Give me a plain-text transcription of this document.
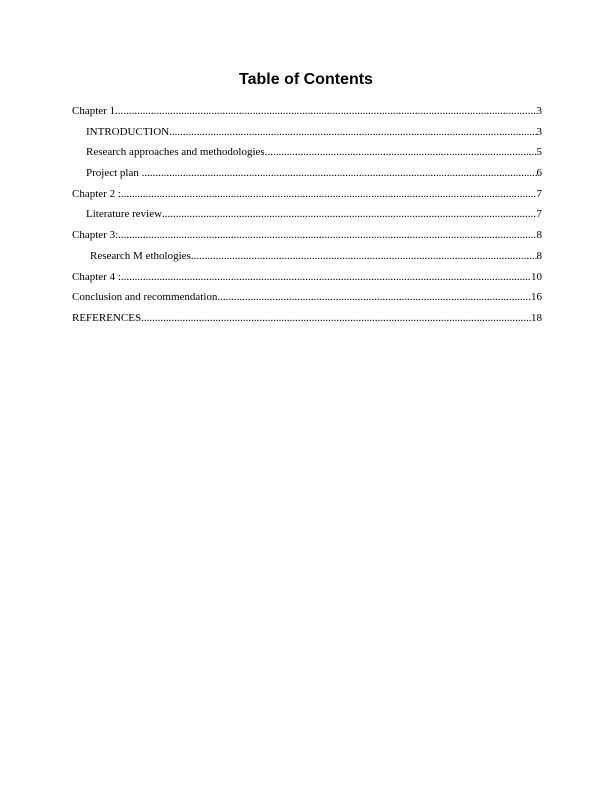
Table of Contents
Chapter 1 .....	3
INTRODUCTION .....	3
Research approaches and methodologies .....	5
Project plan .....	6
Chapter 2 : .....	7
Literature review .....	7
Chapter 3: .....	8
Research M ethologies .....	8
Chapter 4 : .....	10
Conclusion and recommendation .....	16
REFERENCES .....	18
